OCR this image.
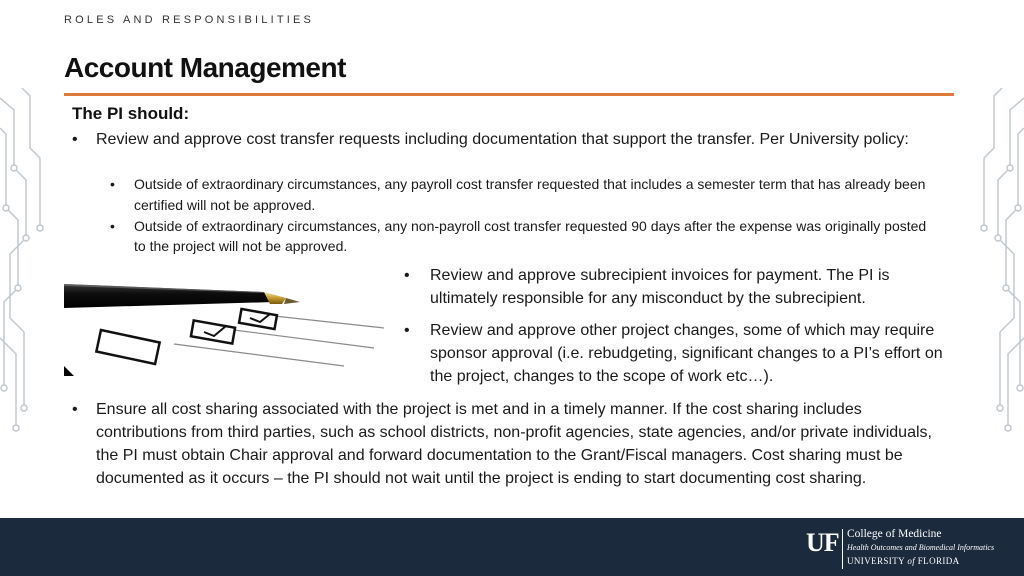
ROLES AND RESPONSIBILITIES
Account Management
The PI should:
•	Review and approve cost transfer requests including documentation that support the transfer. Per University policy:
•	Outside of extraordinary circumstances, any payroll cost transfer requested that includes a semester term that has already been certified will not be approved.
•	Outside of extraordinary circumstances, any non-payroll cost transfer requested 90 days after the expense was originally posted to the project will not be approved.
•	Review and approve subrecipient invoices for payment. The PI is ultimately responsible for any misconduct by the subrecipient.
•	Review and approve other project changes, some of which may require sponsor approval (i.e. rebudgeting, significant changes to a PI’s effort on the project, changes to the scope of work etc…).
•	Ensure all cost sharing associated with the project is met and in a timely manner. If the cost sharing includes contributions from third parties, such as school districts, non-profit agencies, state agencies, and/or private individuals, the PI must obtain Chair approval and forward documentation to the Grant/Fiscal managers. Cost sharing must be documented as it occurs – the PI should not wait until the project is ending to start documenting cost sharing.
UF College of Medicine
Health Outcomes and Biomedical Informatics
UNIVERSITY of FLORIDA
